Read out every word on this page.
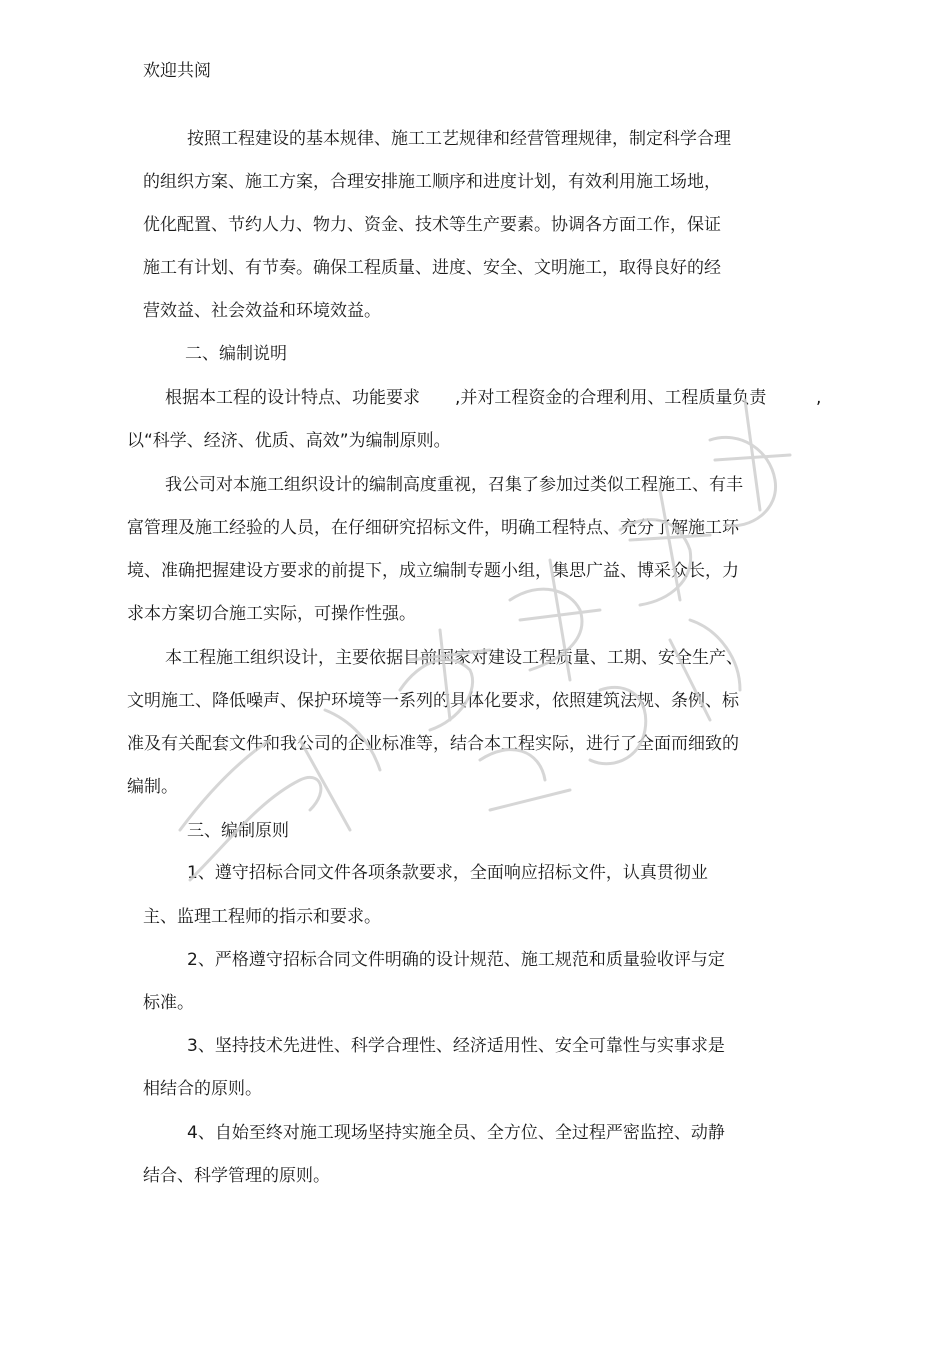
欢迎共阅
按照工程建设的基本规律、施工工艺规律和经营管理规律，制定科学合理
的组织方案、施工方案，合理安排施工顺序和进度计划，有效利用施工场地，
优化配置、节约人力、物力、资金、技术等生产要素。协调各方面工作，保证
施工有计划、有节奏。确保工程质量、进度、安全、文明施工，取得良好的经
营效益、社会效益和环境效益。
二、编制说明
根据本工程的设计特点、功能要求 ,并对工程资金的合理利用、工程质量负责	,
以“科学、经济、优质、高效”为编制原则。
我公司对本施工组织设计的编制高度重视，召集了参加过类似工程施工、有丰
富管理及施工经验的人员，在仔细研究招标文件，明确工程特点、充分了解施工环
境、准确把握建设方要求的前提下，成立编制专题小组，集思广益、博采众长，力
求本方案切合施工实际，可操作性强。
本工程施工组织设计，主要依据目前国家对建设工程质量、工期、安全生产、
文明施工、降低噪声、保护环境等一系列的具体化要求，依照建筑法规、条例、标
准及有关配套文件和我公司的企业标准等，结合本工程实际，进行了全面而细致的
编制。
三、编制原则
1、遵守招标合同文件各项条款要求，全面响应招标文件，认真贯彻业
主、监理工程师的指示和要求。
2、严格遵守招标合同文件明确的设计规范、施工规范和质量验收评与定
标准。
3、坚持技术先进性、科学合理性、经济适用性、安全可靠性与实事求是
相结合的原则。
4、自始至终对施工现场坚持实施全员、全方位、全过程严密监控、动静
结合、科学管理的原则。
